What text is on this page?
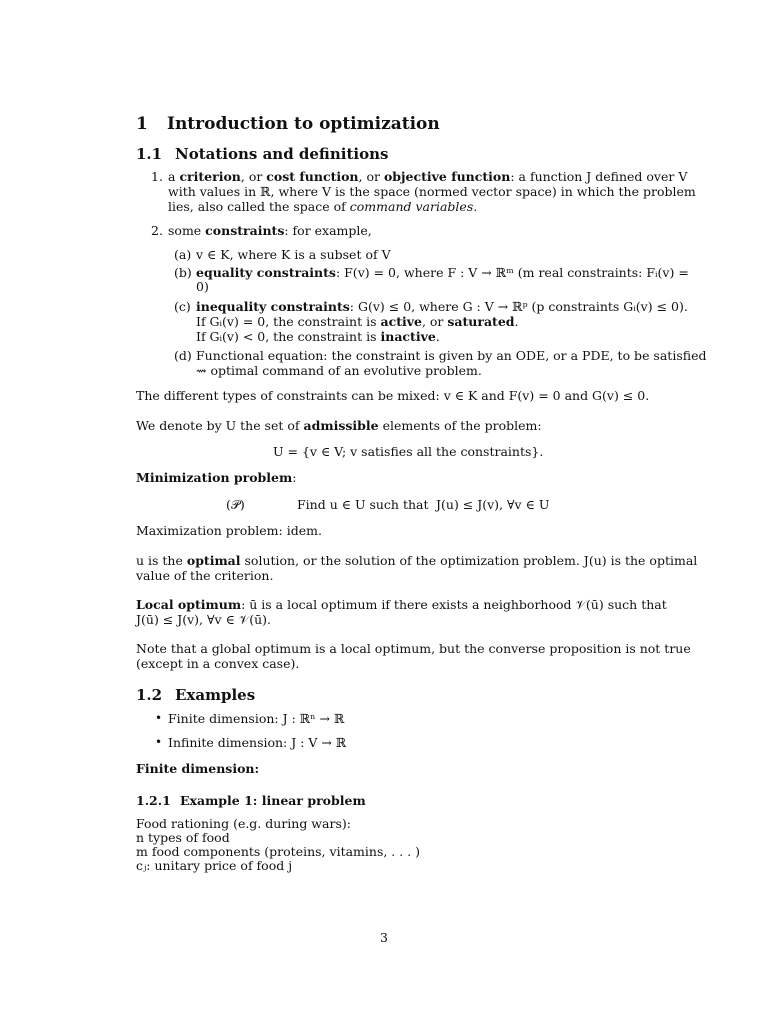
1 Introduction to optimization
1.1 Notations and definitions
1. a criterion, or cost function, or objective function: a function J defined over V
with values in ℝ, where V is the space (normed vector space) in which the problem
lies, also called the space of command variables.
2. some constraints: for example,
(a) v ∈ K, where K is a subset of V
(b) equality constraints: F(v) = 0, where F : V → ℝᵐ (m real constraints: Fᵢ(v) =
0)
(c) inequality constraints: G(v) ≤ 0, where G : V → ℝᵖ (p constraints Gᵢ(v) ≤ 0).
If Gᵢ(v) = 0, the constraint is active, or saturated.
If Gᵢ(v) < 0, the constraint is inactive.
(d) Functional equation: the constraint is given by an ODE, or a PDE, to be satisfied
⇝ optimal command of an evolutive problem.
The different types of constraints can be mixed: v ∈ K and F(v) = 0 and G(v) ≤ 0.
We denote by U the set of admissible elements of the problem:
U = {v ∈ V; v satisfies all the constraints}.
Minimization problem:
(𝒫)	Find u ∈ U such that J(u) ≤ J(v), ∀v ∈ U
Maximization problem: idem.
u is the optimal solution, or the solution of the optimization problem. J(u) is the optimal
value of the criterion.
Local optimum: ū is a local optimum if there exists a neighborhood 𝒱(ū) such that
J(ū) ≤ J(v), ∀v ∈ 𝒱(ū).
Note that a global optimum is a local optimum, but the converse proposition is not true
(except in a convex case).
1.2 Examples
• Finite dimension: J : ℝⁿ → ℝ
• Infinite dimension: J : V → ℝ
Finite dimension:
1.2.1 Example 1: linear problem
Food rationing (e.g. during wars):
n types of food
m food components (proteins, vitamins, . . . )
cⱼ: unitary price of food j
3
